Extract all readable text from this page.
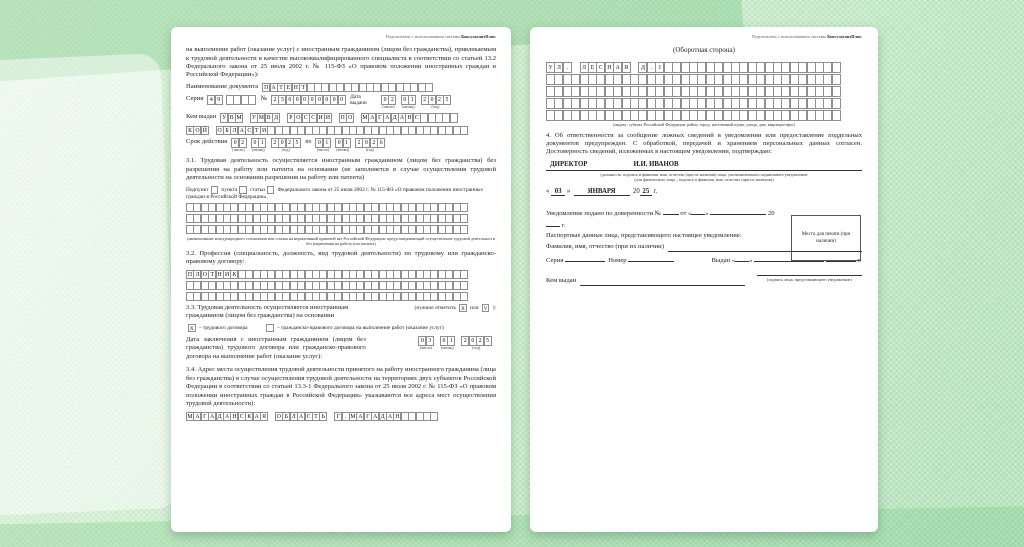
Подготовлено с использованием системы КонсультантПлюс

на выполнение работ (оказание услуг) с иностранным гражданином (лицом без гражданства), привлекаемым к трудовой деятельности в качестве высококвалифицированного специалиста в соответствии со статьей 13.2 Федерального закона от 25 июля 2002 г. № 115-ФЗ «О правовом положении иностранных граждан в Российской Федерации»):

Наименование документа	П А Т Е Н Т
Серия	4 9	№	2 5 0 0 0 0 0 0 0 0	Дата выдачи	0 2
(число)
0 1
(месяц)
2 0 2 5
(год)
Кем выдан	У В М	У М В Д	Р О С С И И	П О	М А Г А Д А Н С
К О Й	О Б Л А С Т И
Срок действия	0 2
(число)
0 1
(месяц)
2 0 2 5
(год)
по	0 1
(число)
0 1
(месяц)
2 0 2 6
(год)

3.1. Трудовая деятельность осуществляется иностранным гражданином (лицом без гражданства) без разрешения на работу или патента на основании (не заполняется в случае осуществления трудовой деятельности на основании разрешения на работу или патента)

Подпункт пункта статьи Федерального закона от 25 июля 2002 г. № 115-ФЗ «О правовом положении иностранных граждан в Российской Федерации»,

(наименование международного соглашения или ссылка на нормативный правовой акт Российской Федерации, предусматривающий осуществление трудовой деятельности без разрешения на работу или патента)

3.2. Профессия (специальность, должность, вид трудовой деятельности) по трудовому или гражданско-правовому договору:

П Л О Т Н И К

3.3. Трудовая деятельность осуществляется иностранным гражданином (лицом без гражданства) на основании

(нужное отметить X или V ):

X – трудового договора	– гражданско-правового договора на выполнение работ (оказание услуг)

Дата заключения с иностранным гражданином (лицом без гражданства) трудового договора или гражданско-правового договора на выполнение работ (оказание услуг):

0 3
(число)

0 1
(месяц)

2 0 2 5
(год)

3.4. Адрес места осуществления трудовой деятельности принятого на работу иностранного гражданина (лица без гражданства) в случае осуществления трудовой деятельности на территориях двух субъектов Российской Федерации в соответствии со статьей 13.3-1 Федерального закона от 25 июля 2002 г. № 115-ФЗ «О правовом положении иностранных граждан в Российской Федерации» указываются все адреса мест осуществления трудовой деятельности):

М А Г А Д А Н С К А Я	О Б Л А С Т Ь	Г . М А Г А Д А Н
Подготовлено с использованием системы КонсультантПлюс
(Оборотная сторона)
У Л .	Л Е С Н А Я	Д .	1
(индекс, субъект Российской Федерации, район, город, населенный пункт, улица, дом, квартира/офис)

4. Об ответственности за сообщение ложных сведений в уведомлении или предоставление поддельных документов предупрежден. С обработкой, передачей и хранением персональных данных согласен. Достоверность сведений, изложенных в настоящем уведомлении, подтверждаю:

ДИРЕКТОР	И.И. ИВАНОВ
(должность, подпись и фамилия, имя, отчество (при их наличии) лица, уполномоченного подписывать уведомление
(для физического лица – подпись и фамилия, имя, отчество (при их наличии))

« 03 »	ЯНВАРЯ	20 25 г.

Место для печати (при наличии)

Уведомление подано по доверенности №	от « »	20 г.

Паспортные данные лица, представляющего настоящее уведомление:

Фамилия, имя, отчество (при их наличии)

Серия	Номер	Выдан « »	г.

Кем выдан	(подпись лица, представляющего уведомление)
